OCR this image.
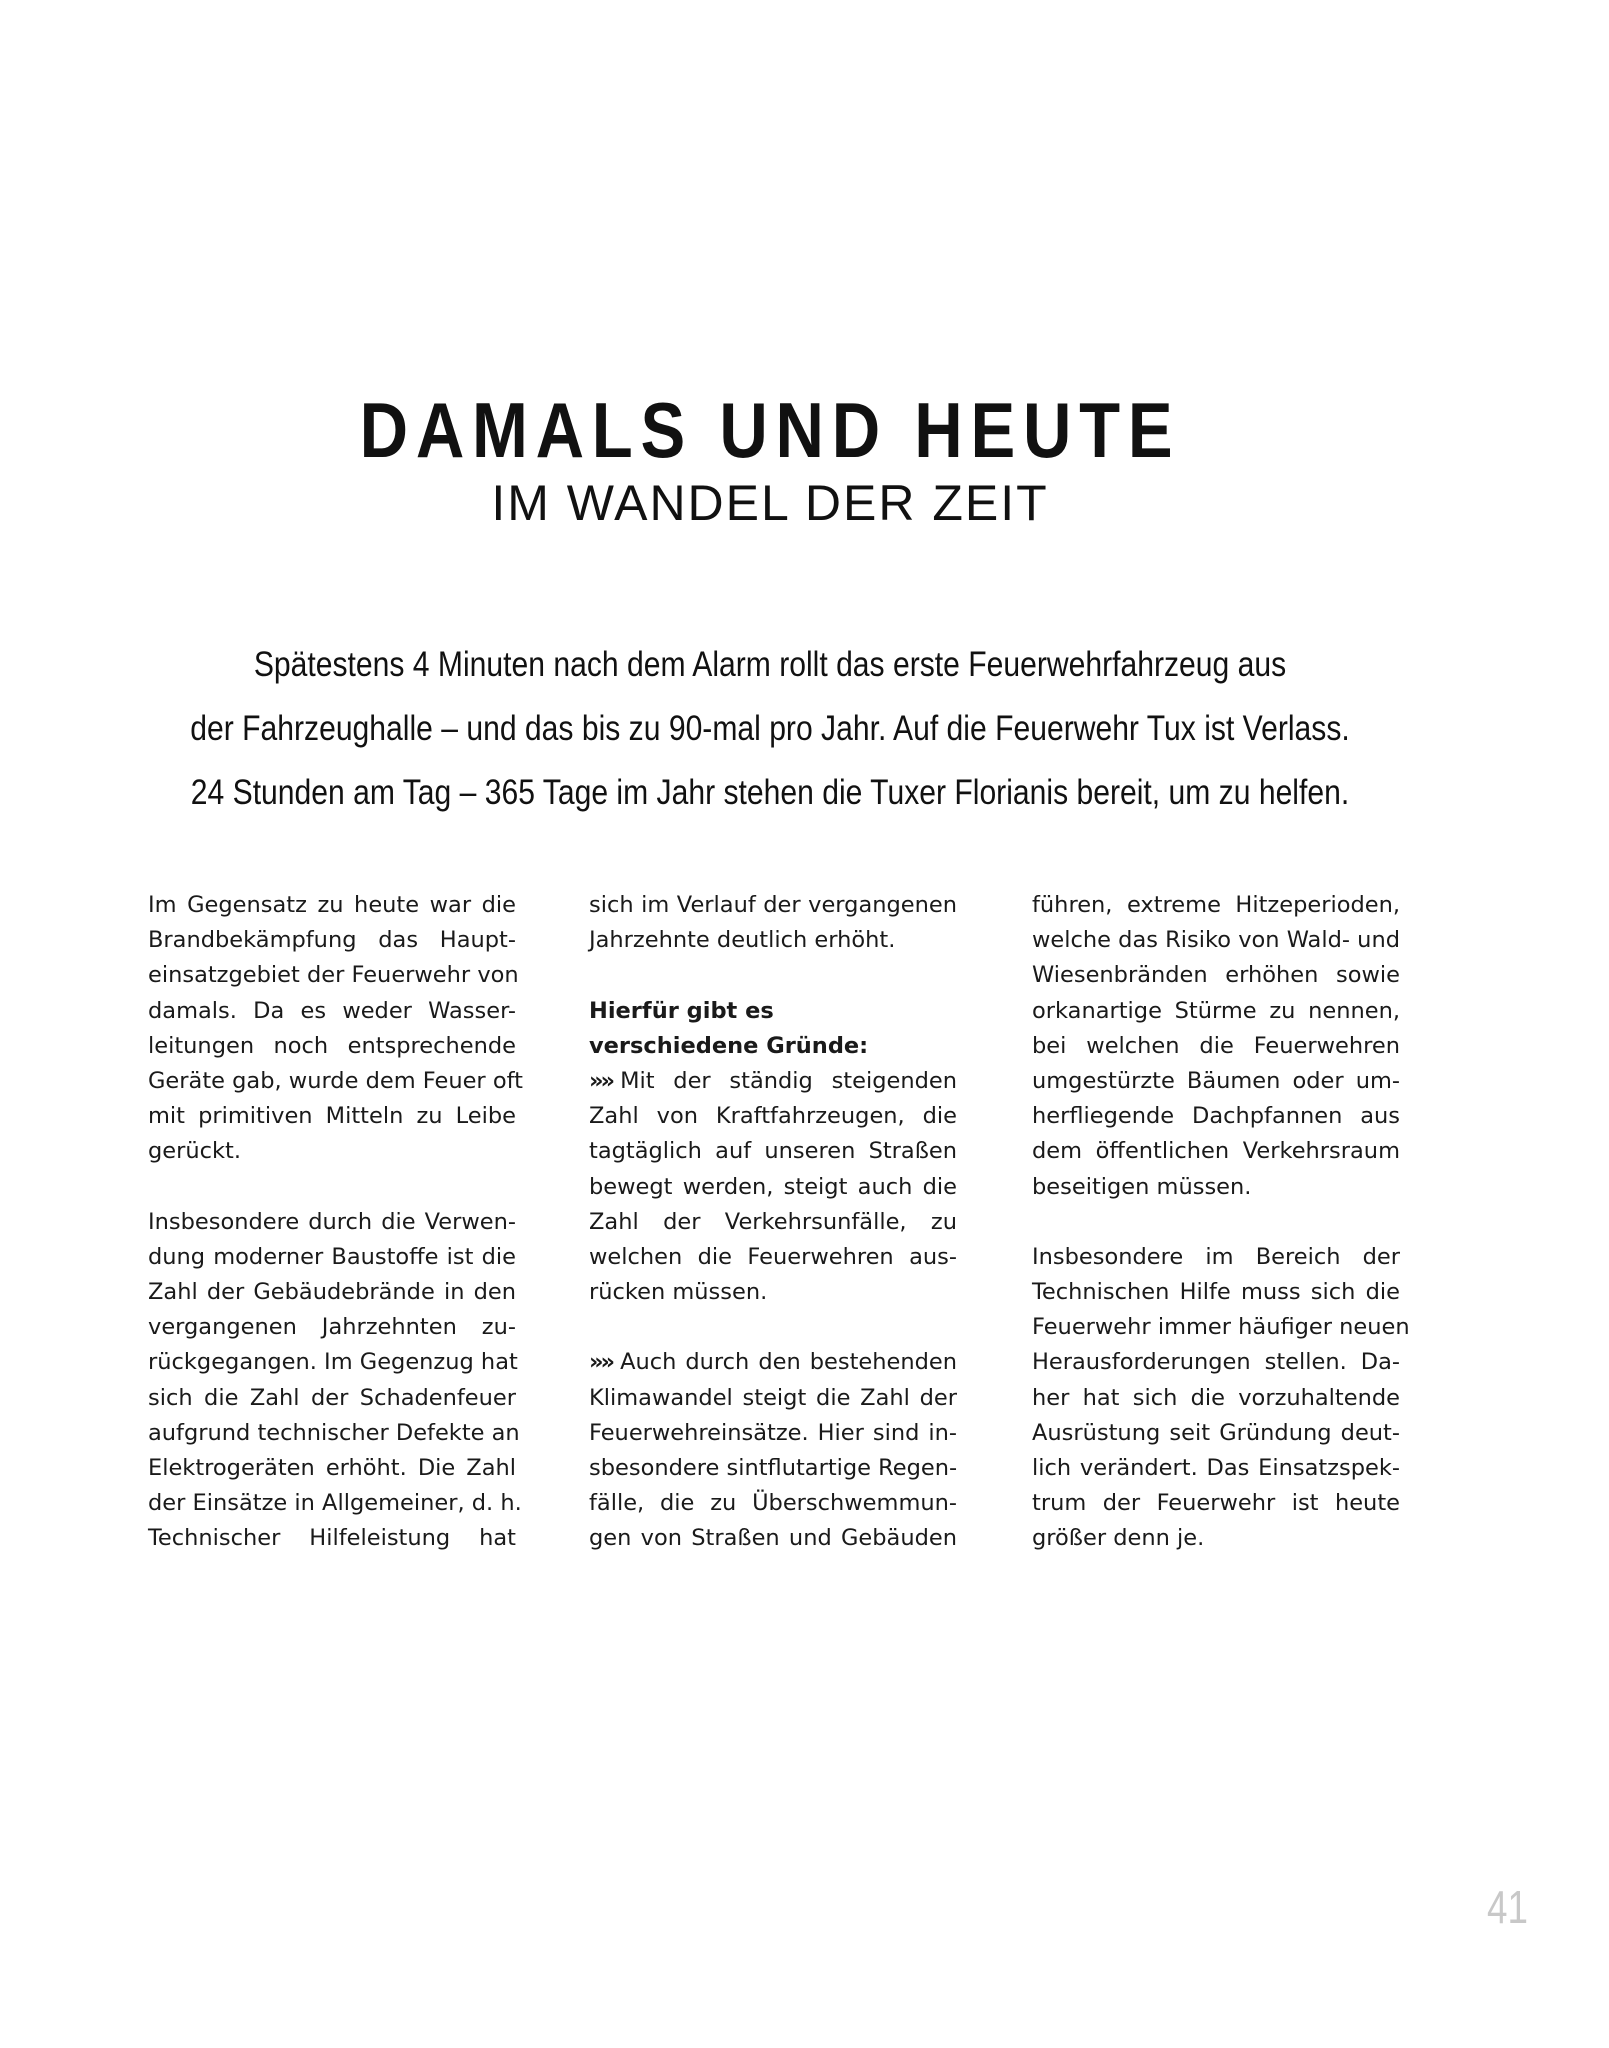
DAMALS UND HEUTE
IM WANDEL DER ZEIT
Spätestens 4 Minuten nach dem Alarm rollt das erste Feuerwehrfahrzeug aus
der Fahrzeughalle – und das bis zu 90-mal pro Jahr. Auf die Feuerwehr Tux ist Verlass.
24 Stunden am Tag – 365 Tage im Jahr stehen die Tuxer Florianis bereit, um zu helfen.
Im Gegensatz zu heute war die
Brandbekämpfung das Haupt-
einsatzgebiet der Feuerwehr von
damals. Da es weder Wasser-
leitungen noch entsprechende
Geräte gab, wurde dem Feuer oft
mit primitiven Mitteln zu Leibe
gerückt.
Insbesondere durch die Verwen-
dung moderner Baustoffe ist die
Zahl der Gebäudebrände in den
vergangenen Jahrzehnten zu-
rückgegangen. Im Gegenzug hat
sich die Zahl der Schadenfeuer
aufgrund technischer Defekte an
Elektrogeräten erhöht. Die Zahl
der Einsätze in Allgemeiner, d. h.
Technischer Hilfeleistung hat
sich im Verlauf der vergangenen
Jahrzehnte deutlich erhöht.
Hierfür gibt es
verschiedene Gründe:
»» Mit der ständig steigenden
Zahl von Kraftfahrzeugen, die
tagtäglich auf unseren Straßen
bewegt werden, steigt auch die
Zahl der Verkehrsunfälle, zu
welchen die Feuerwehren aus-
rücken müssen.
»» Auch durch den bestehenden
Klimawandel steigt die Zahl der
Feuerwehreinsätze. Hier sind in-
sbesondere sintflutartige Regen-
fälle, die zu Überschwemmun-
gen von Straßen und Gebäuden
führen, extreme Hitzeperioden,
welche das Risiko von Wald- und
Wiesenbränden erhöhen sowie
orkanartige Stürme zu nennen,
bei welchen die Feuerwehren
umgestürzte Bäumen oder um-
herfliegende Dachpfannen aus
dem öffentlichen Verkehrsraum
beseitigen müssen.
Insbesondere im Bereich der
Technischen Hilfe muss sich die
Feuerwehr immer häufiger neuen
Herausforderungen stellen. Da-
her hat sich die vorzuhaltende
Ausrüstung seit Gründung deut-
lich verändert. Das Einsatzspek-
trum der Feuerwehr ist heute
größer denn je.
41
